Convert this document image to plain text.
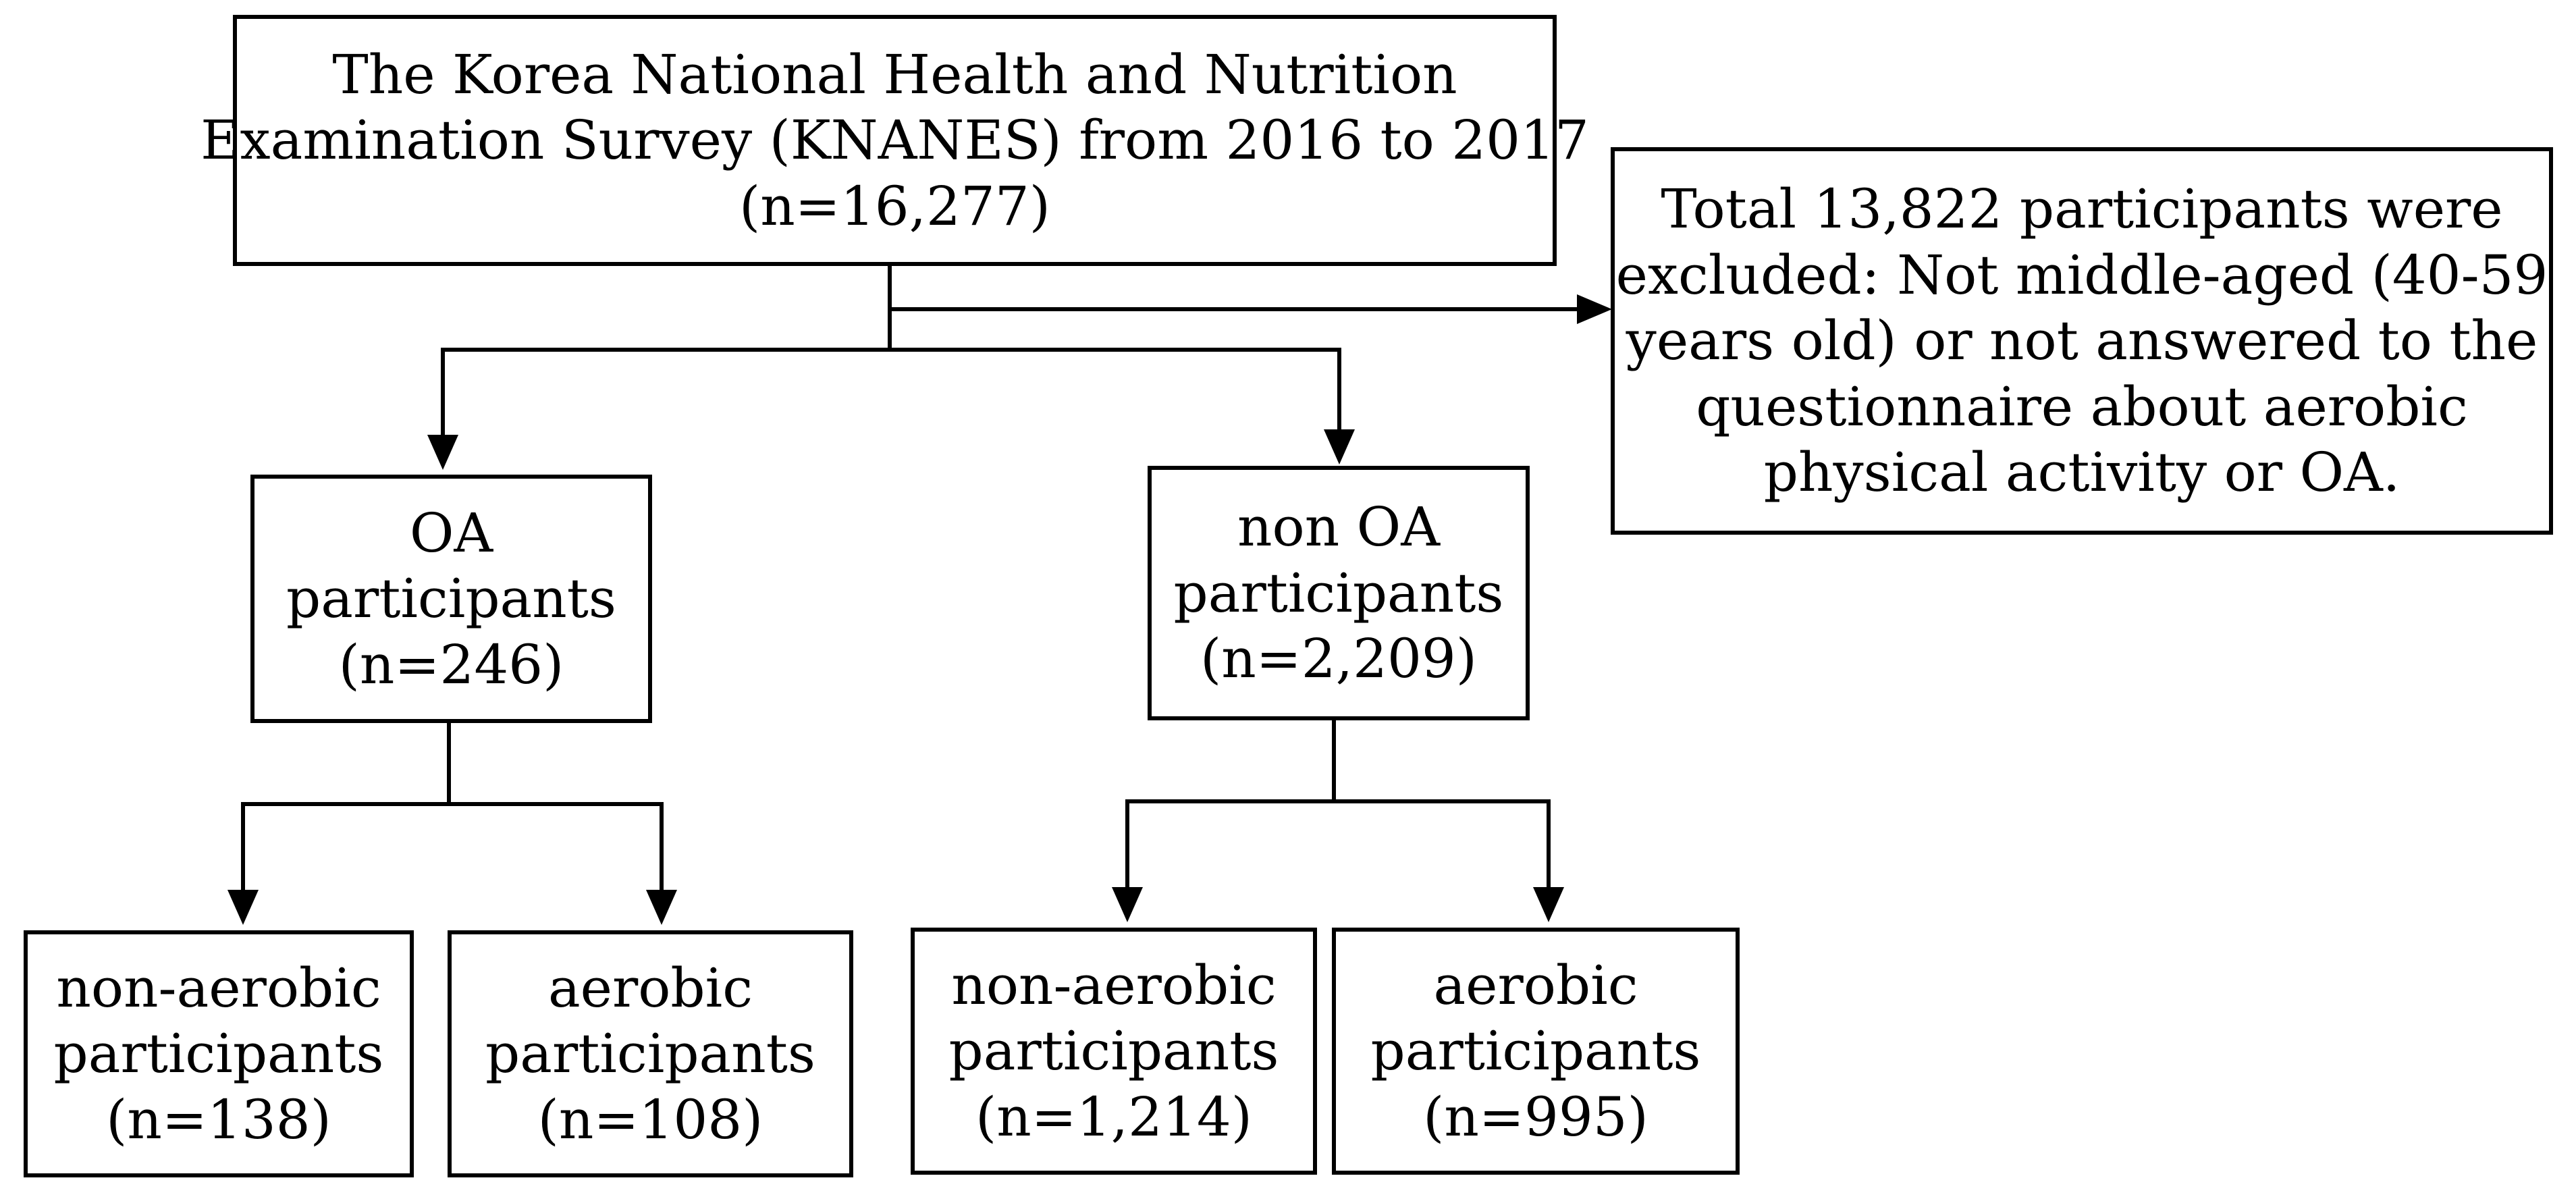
The Korea National Health and Nutrition
Examination Survey (KNANES) from 2016 to 2017
(n=16,277)	Total 13,822 participants were
excluded: Not middle-aged (40-59
years old) or not answered to the
questionnaire about aerobic
physical activity or OA.
OA
participants
(n=246)
non OA
participants
(n=2,209)
non-aerobic
participants
(n=138)
aerobic
participants
(n=108)
non-aerobic
participants
(n=1,214)
aerobic
participants
(n=995)
